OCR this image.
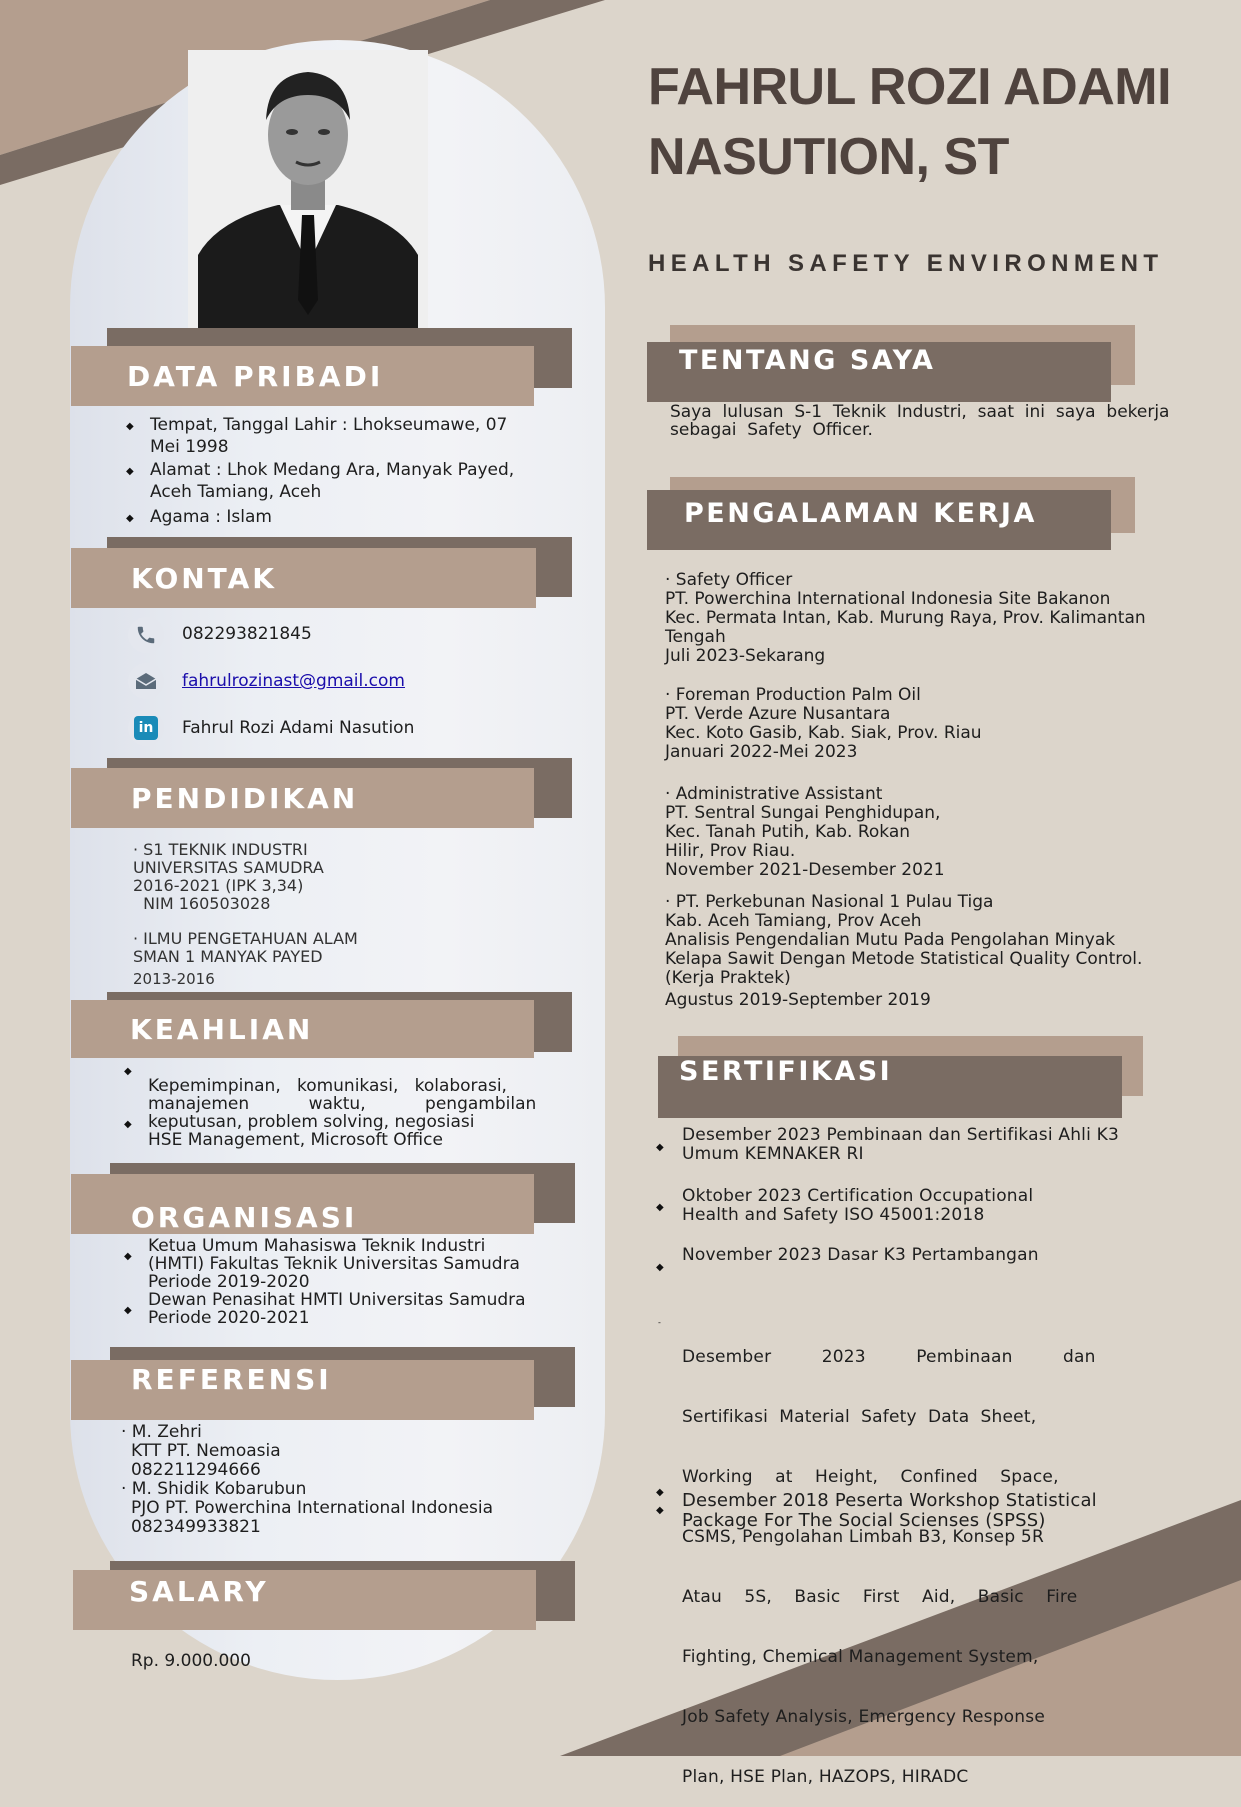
DATA PRIBADI
◆ Tempat, Tanggal Lahir : Lhokseumawe, 07
Mei 1998
◆ Alamat : Lhok Medang Ara, Manyak Payed,
Aceh Tamiang, Aceh
◆ Agama : Islam
KONTAK
082293821845
fahrulrozinast@gmail.com
in Fahrul Rozi Adami Nasution
PENDIDIKAN
· S1 TEKNIK INDUSTRI
UNIVERSITAS SAMUDRA
2016-2021 (IPK 3,34)
NIM 160503028
· ILMU PENGETAHUAN ALAM
SMAN 1 MANYAK PAYED
2013-2016
KEAHLIAN
◆
Kepemimpinan,   komunikasi,   kolaborasi,
manajemen           waktu,           pengambilan
◆ keputusan, problem solving, negosiasi
HSE Management, Microsoft Office
ORGANISASI
◆
Ketua Umum Mahasiswa Teknik Industri
(HMTI) Fakultas Teknik Universitas Samudra
Periode 2019-2020
◆
Dewan Penasihat HMTI Universitas Samudra
Periode 2020-2021
REFERENSI
· M. Zehri
KTT PT. Nemoasia
082211294666
· M. Shidik Kobarubun
PJO PT. Powerchina International Indonesia
082349933821
SALARY
Rp. 9.000.000
FAHRUL ROZI ADAMI
NASUTION, ST
HEALTH SAFETY ENVIRONMENT
TENTANG SAYA
Saya  lulusan  S-1  Teknik  Industri,  saat  ini  saya  bekerja
sebagai  Safety  Officer.
PENGALAMAN KERJA
· Safety Officer
PT. Powerchina International Indonesia Site Bakanon
Kec. Permata Intan, Kab. Murung Raya, Prov. Kalimantan
Tengah
Juli 2023-Sekarang
· Foreman Production Palm Oil
PT. Verde Azure Nusantara
Kec. Koto Gasib, Kab. Siak, Prov. Riau
Januari 2022-Mei 2023
· Administrative Assistant
PT. Sentral Sungai Penghidupan,
Kec. Tanah Putih, Kab. Rokan
Hilir, Prov Riau.
November 2021-Desember 2021
· PT. Perkebunan Nasional 1 Pulau Tiga
Kab. Aceh Tamiang, Prov Aceh
Analisis Pengendalian Mutu Pada Pengolahan Minyak
Kelapa Sawit Dengan Metode Statistical Quality Control.
(Kerja Praktek)
Agustus 2019-September 2019
SERTIFIKASI
◆
Desember 2023 Pembinaan dan Sertifikasi Ahli K3
Umum KEMNAKER RI
◆
Oktober 2023 Certification Occupational
Health and Safety ISO 45001:2018
◆
November 2023 Dasar K3 Pertambangan
-

Desember         2023         Pembinaan         dan

Sertifikasi  Material  Safety  Data  Sheet,

Working    at    Height,    Confined    Space,

CSMS, Pengolahan Limbah B3, Konsep 5R

Atau    5S,    Basic    First    Aid,    Basic    Fire

Fighting, Chemical Management System,

Job Safety Analysis, Emergency Response

Plan, HSE Plan, HAZOPS, HIRADC

◆
◆ Desember 2018 Peserta Workshop Statistical
Package For The Social Scienses (SPSS)
